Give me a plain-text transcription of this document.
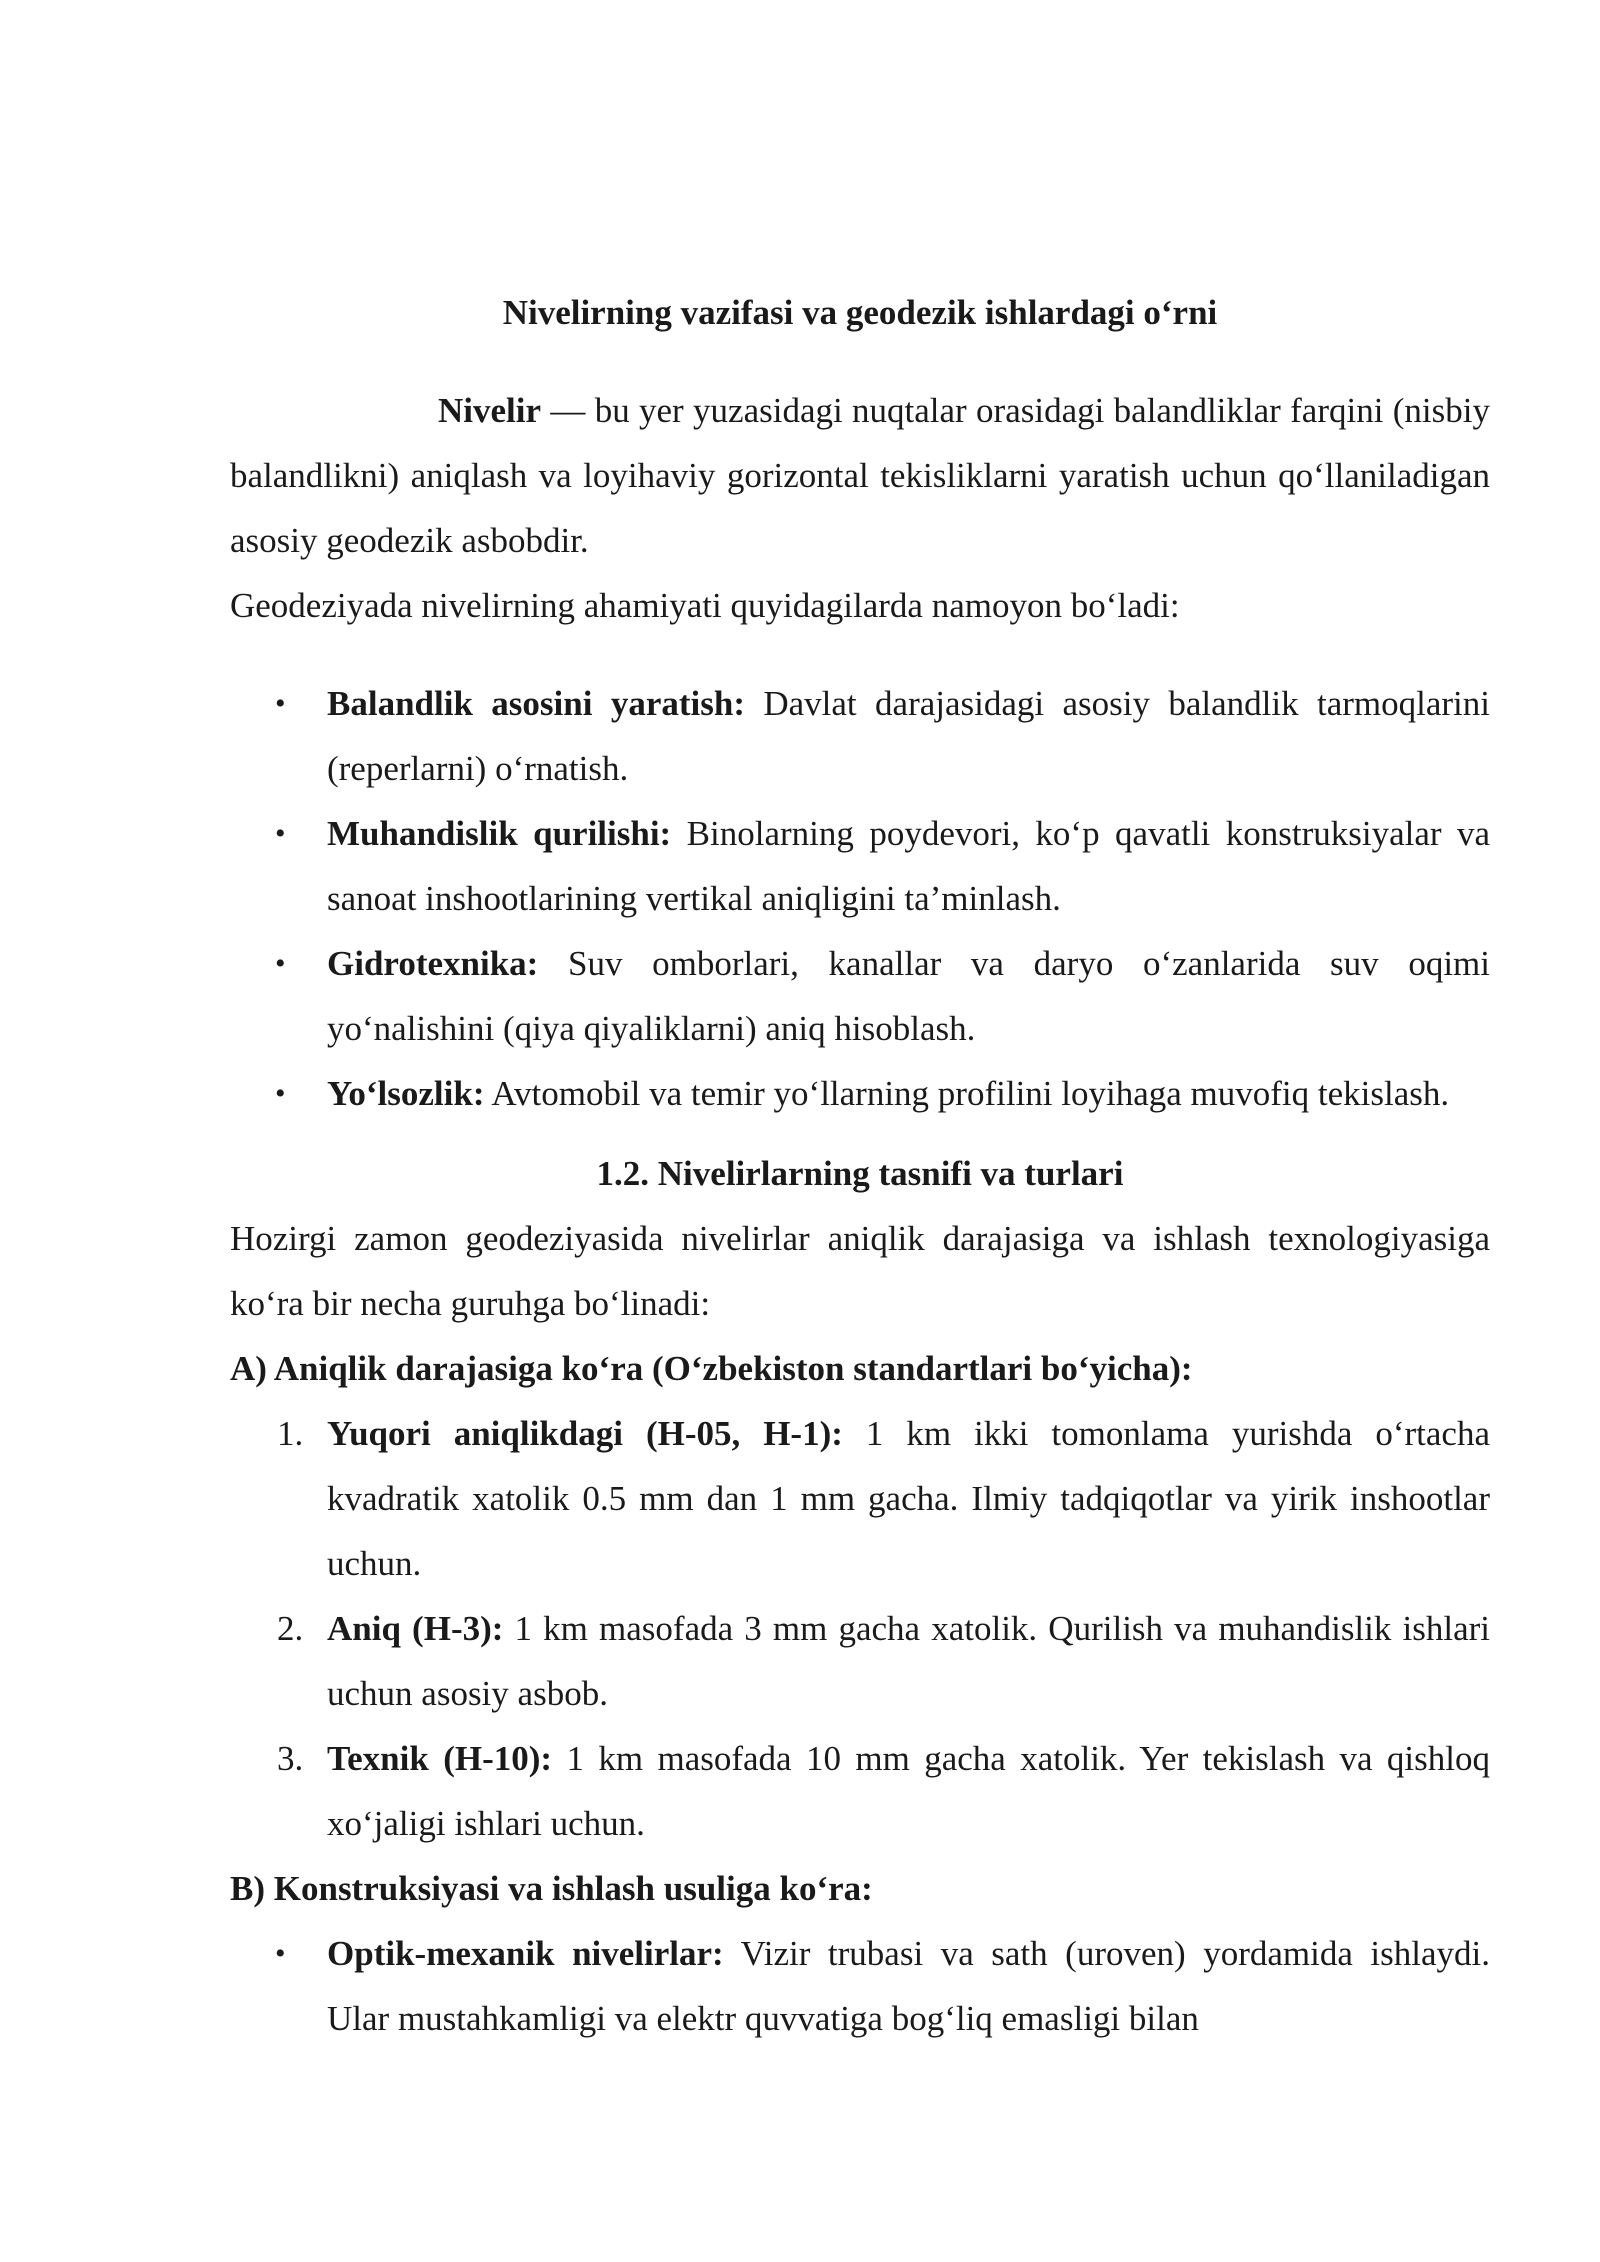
Nivelirning vazifasi va geodezik ishlardagi o‘rni

Nivelir — bu yer yuzasidagi nuqtalar orasidagi balandliklar farqini (nisbiy balandlikni) aniqlash va loyihaviy gorizontal tekisliklarni yaratish uchun qo‘llaniladigan asosiy geodezik asbobdir.

Geodeziyada nivelirning ahamiyati quyidagilarda namoyon bo‘ladi:

•	Balandlik asosini yaratish: Davlat darajasidagi asosiy balandlik tarmoqlarini (reperlarni) o‘rnatish.
•	Muhandislik qurilishi: Binolarning poydevori, ko‘p qavatli konstruksiyalar va sanoat inshootlarining vertikal aniqligini ta’minlash.
•	Gidrotexnika: Suv omborlari, kanallar va daryo o‘zanlarida suv oqimi yo‘nalishini (qiya qiyaliklarni) aniq hisoblash.
•	Yo‘lsozlik: Avtomobil va temir yo‘llarning profilini loyihaga muvofiq tekislash.

1.2. Nivelirlarning tasnifi va turlari

Hozirgi zamon geodeziyasida nivelirlar aniqlik darajasiga va ishlash texnologiyasiga ko‘ra bir necha guruhga bo‘linadi:

A) Aniqlik darajasiga ko‘ra (O‘zbekiston standartlari bo‘yicha):

1. Yuqori aniqlikdagi (H-05, H-1): 1 km ikki tomonlama yurishda o‘rtacha kvadratik xatolik 0.5 mm dan 1 mm gacha. Ilmiy tadqiqotlar va yirik inshootlar uchun.
2. Aniq (H-3): 1 km masofada 3 mm gacha xatolik. Qurilish va muhandislik ishlari uchun asosiy asbob.
3. Texnik (H-10): 1 km masofada 10 mm gacha xatolik. Yer tekislash va qishloq xo‘jaligi ishlari uchun.

B) Konstruksiyasi va ishlash usuliga ko‘ra:

•	Optik-mexanik nivelirlar: Vizir trubasi va sath (uroven) yordamida ishlaydi. Ular mustahkamligi va elektr quvvatiga bog‘liq emasligi bilan
